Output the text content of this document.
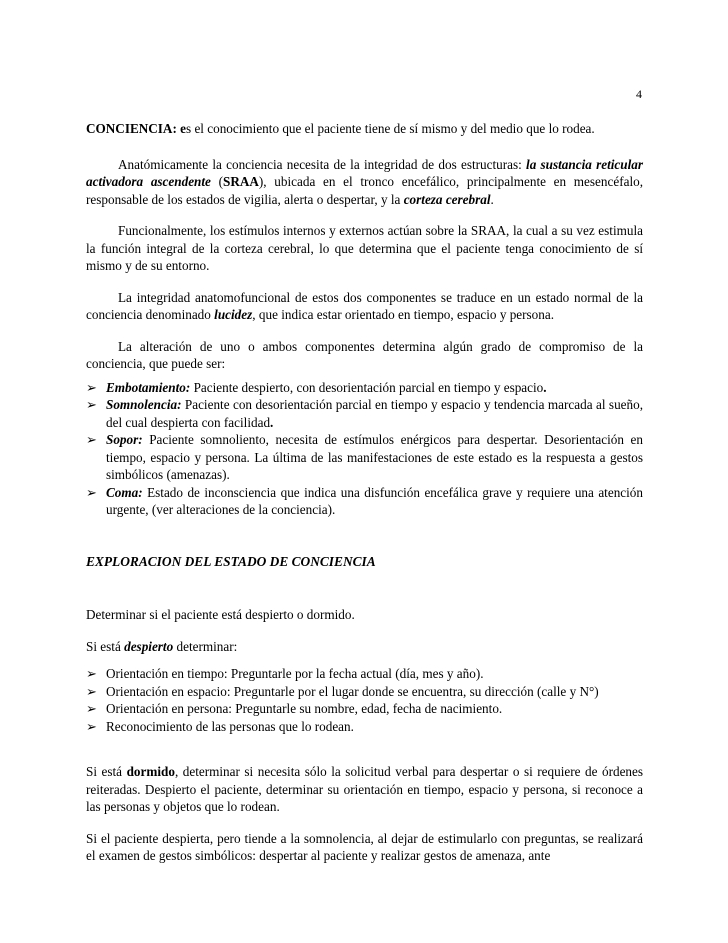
4

CONCIENCIA: es el conocimiento que el paciente tiene de sí mismo y del medio que lo rodea.

Anatómicamente la conciencia necesita de la integridad de dos estructuras: la sustancia reticular activadora ascendente (SRAA), ubicada en el tronco encefálico, principalmente en mesencéfalo, responsable de los estados de vigilia, alerta o despertar, y la corteza cerebral.

Funcionalmente, los estímulos internos y externos actúan sobre la SRAA, la cual a su vez estimula la función integral de la corteza cerebral, lo que determina que el paciente tenga conocimiento de sí mismo y de su entorno.

La integridad anatomofuncional de estos dos componentes se traduce en un estado normal de la conciencia denominado lucidez, que indica estar orientado en tiempo, espacio y persona.

La alteración de uno o ambos componentes determina algún grado de compromiso de la conciencia, que puede ser:

➢ Embotamiento: Paciente despierto, con desorientación parcial en tiempo y espacio.
➢ Somnolencia: Paciente con desorientación parcial en tiempo y espacio y tendencia marcada al sueño, del cual despierta con facilidad.
➢ Sopor: Paciente somnoliento, necesita de estímulos enérgicos para despertar. Desorientación en tiempo, espacio y persona. La última de las manifestaciones de este estado es la respuesta a gestos simbólicos (amenazas).
➢ Coma: Estado de inconsciencia que indica una disfunción encefálica grave y requiere una atención urgente, (ver alteraciones de la conciencia).

EXPLORACION DEL ESTADO DE CONCIENCIA

Determinar si el paciente está despierto o dormido.

Si está despierto determinar:

➢ Orientación en tiempo: Preguntarle por la fecha actual (día, mes y año).
➢ Orientación en espacio: Preguntarle por el lugar donde se encuentra, su dirección (calle y N°)
➢ Orientación en persona: Preguntarle su nombre, edad, fecha de nacimiento.
➢ Reconocimiento de las personas que lo rodean.

Si está dormido, determinar si necesita sólo la solicitud verbal para despertar o si requiere de órdenes reiteradas. Despierto el paciente, determinar su orientación en tiempo, espacio y persona, si reconoce a las personas y objetos que lo rodean.

Si el paciente despierta, pero tiende a la somnolencia, al dejar de estimularlo con preguntas, se realizará el examen de gestos simbólicos: despertar al paciente y realizar gestos de amenaza, ante
